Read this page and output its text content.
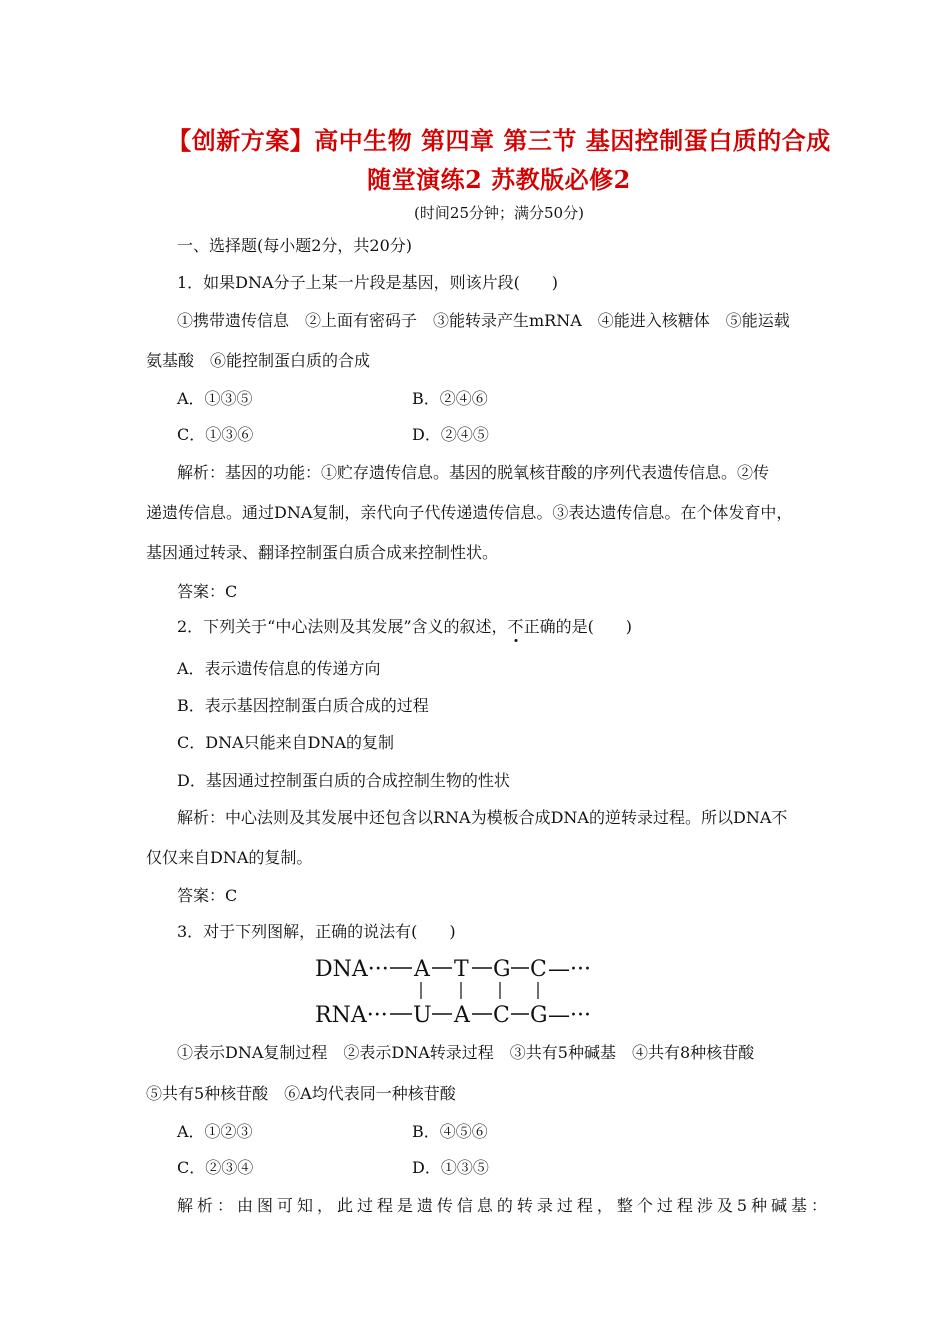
【创新方案】高中生物 第四章 第三节 基因控制蛋白质的合成
随堂演练2 苏教版必修2
(时间25分钟；满分50分)
一、选择题(每小题2分，共20分)
1．如果DNA分子上某一片段是基因，则该片段(　　)
①携带遗传信息　②上面有密码子　③能转录产生mRNA　④能进入核糖体　⑤能运载
氨基酸　⑥能控制蛋白质的合成
A．①③⑤	B．②④⑥
C．①③⑥	D．②④⑤
解析：基因的功能：①贮存遗传信息。基因的脱氧核苷酸的序列代表遗传信息。②传
递遗传信息。通过DNA复制，亲代向子代传递遗传信息。③表达遗传信息。在个体发育中，
基因通过转录、翻译控制蛋白质合成来控制性状。
答案：C
2．下列关于“中心法则及其发展”含义的叙述，不正确的是(　　)
A．表示遗传信息的传递方向
B．表示基因控制蛋白质合成的过程
C．DNA只能来自DNA的复制
D．基因通过控制蛋白质的合成控制生物的性状
解析：中心法则及其发展中还包含以RNA为模板合成DNA的逆转录过程。所以DNA不
仅仅来自DNA的复制。
答案：C
3．对于下列图解，正确的说法有(　　)
DNA··· A T G C —···
RNA··· U A C G —···
①表示DNA复制过程　②表示DNA转录过程　③共有5种碱基　④共有8种核苷酸
⑤共有5种核苷酸　⑥A均代表同一种核苷酸
A．①②③	B．④⑤⑥
C．②③④	D．①③⑤
解析：由图可知，此过程是遗传信息的转录过程，整个过程涉及5种碱基：
